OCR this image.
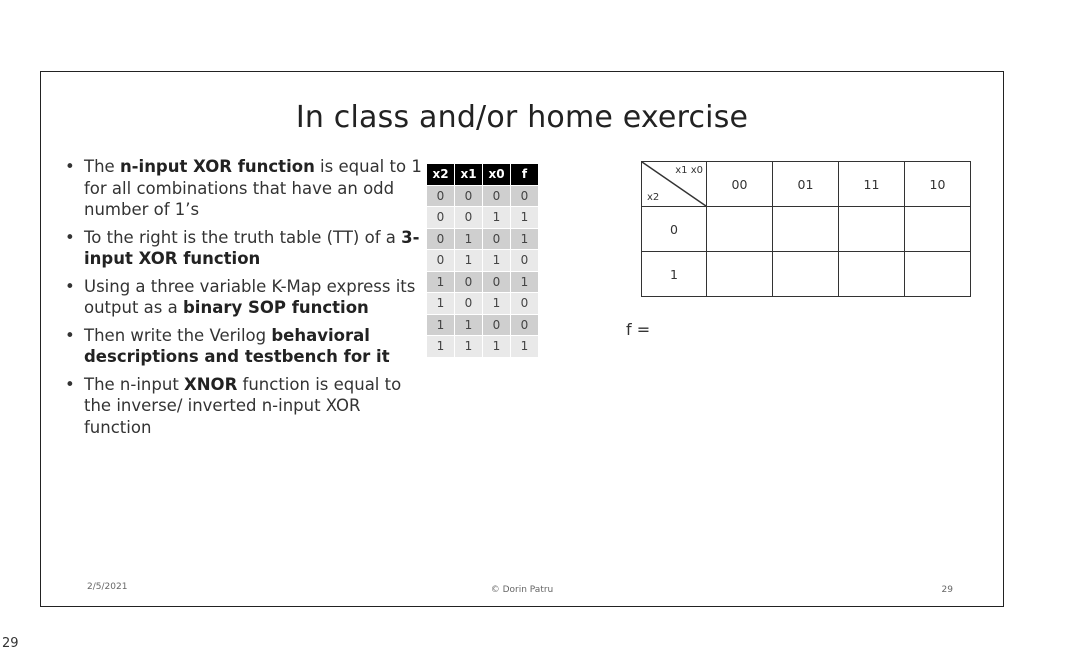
In class and/or home exercise
• The n-input XOR function is equal to 1 for all combinations that have an odd number of 1’s
• To the right is the truth table (TT) of a 3-input XOR function
• Using a three variable K-Map express its output as a binary SOP function
• Then write the Verilog behavioral descriptions and testbench for it
• The n-input XNOR function is equal to the inverse/ inverted n-input XOR function
x2	x1	x0	f
0	0	0	0
0	0	1	1
0	1	0	1
0	1	1	0
1	0	0	1
1	0	1	0
1	1	0	0
1	1	1	1
x1 x0
x2	00	01	11	10
0				
1				
f =
2/5/2021	© Dorin Patru	29
29
